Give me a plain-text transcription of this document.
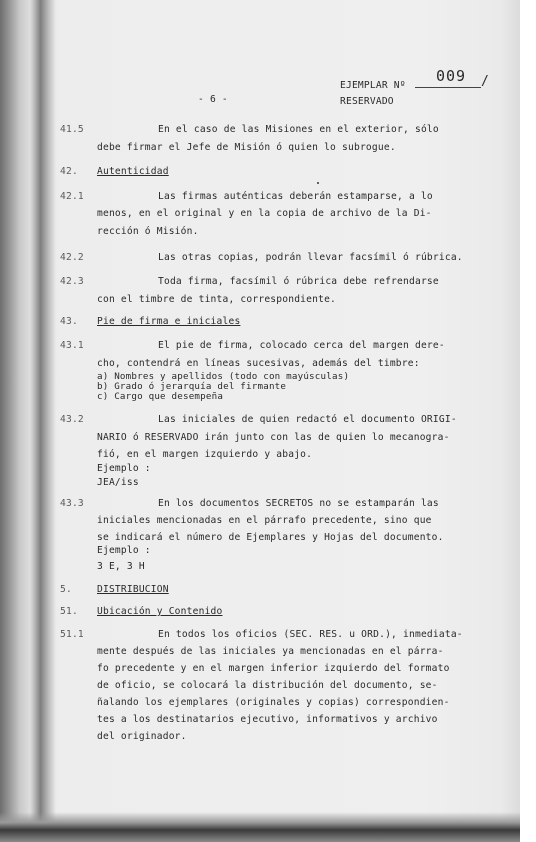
EJEMPLAR Nº
009 /
- 6 -	RESERVADO
41.5	En el caso de las Misiones en el exterior, sólo
debe firmar el Jefe de Misión ó quien lo subrogue.
42. Autenticidad
42.1	Las firmas auténticas deberán estamparse, a lo
menos, en el original y en la copia de archivo de la Di-
rección ó Misión.
42.2	Las otras copias, podrán llevar facsímil ó rúbrica.
42.3	Toda firma, facsímil ó rúbrica debe refrendarse
con el timbre de tinta, correspondiente.
43. Pie de firma e iniciales
43.1	El pie de firma, colocado cerca del margen dere-
cho, contendrá en líneas sucesivas, además del timbre:
a) Nombres y apellidos (todo con mayúsculas)
b) Grado ó jerarquía del firmante
c) Cargo que desempeña
43.2	Las iniciales de quien redactó el documento ORIGI-
NARIO ó RESERVADO irán junto con las de quien lo mecanogra-
fió, en el margen izquierdo y abajo.
Ejemplo :
JEA/iss
43.3	En los documentos SECRETOS no se estamparán las
iniciales mencionadas en el párrafo precedente, sino que
se indicará el número de Ejemplares y Hojas del documento.
Ejemplo :
3 E, 3 H
5.	DISTRIBUCION
51. Ubicación y Contenido
51.1	En todos los oficios (SEC. RES. u ORD.), inmediata-
mente después de las iniciales ya mencionadas en el párra-
fo precedente y en el margen inferior izquierdo del formato
de oficio, se colocará la distribución del documento, se-
ñalando los ejemplares (originales y copias) correspondien-
tes a los destinatarios ejecutivo, informativos y archivo
del originador.
